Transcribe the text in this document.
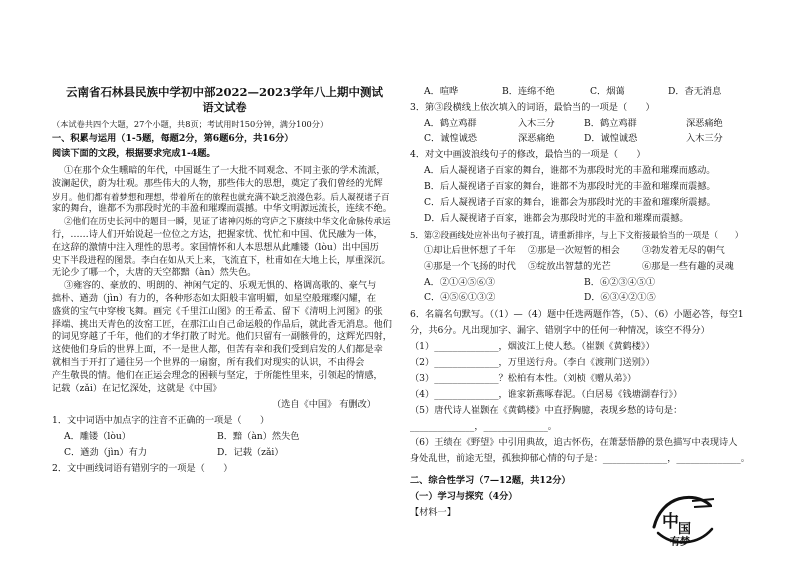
云南省石林县民族中学初中部2022—2023学年八上期中测试
语文试卷
（本试卷共四个大题，27个小题，共8页；考试用时150分钟，满分100分）
一、积累与运用（1-5题，每题2分，第6题6分，共16分）
阅读下面的文段，根据要求完成1-4题。
①在那个众生曛暗的年代，中国诞生了一大批不同观念、不同主张的学术流派，
波澜起伏，蔚为壮观。那些伟大的人物，那些伟大的思想，奠定了我们曾经的光辉
岁月。他们都有着梦想和理想，带着所在的旅程也就充满不缺乏浪漫色彩。后人凝视诸子百
家的舞台，谁都不为那段时光的丰盈和璀璨而震撼。中华文明源远流长，连续不绝。
②他们在历史长河中的题目一瞬，见证了诸神闪烁的穹庐之下赓续中华文化命脉传承运
行，……诗人们开始说起一位位之方达，把握家忧、忧忙和中国、优民融为一体，
在这辞的激情中注入理性的思考。家国情怀和人本思想从此雕镂（lòu）出中国历
史下半段进程的图景。李白在如从天上来，飞流直下，杜甫如在大地上长，厚重深沉。
无论少了哪一个，大唐的天空都黯（àn）然失色。
③雍容的、豪放的、明朗的、神闲气定的、乐观无惧的、格调高歌的、豪气与
拙朴、遒劲（jìn）有力的，各种形态如太阳般丰富明媚，如星空般璀璨闪耀，在
盛赏的宝气中穿梭飞舞。画完《千里江山图》的王希孟、留下《清明上河图》的张
择端、挑出天青色的汝窑工匠，在那江山自己命运般的作品后，就此香无消息。他们
的词见穿越了千年，他们的才华打散了时光。他们只留有一副骸骨的，这辉光四射，
这使他们身后的世界上面，不一是世人都，但苦有幸和我们受到启发的人们都是幸
就相当于开打了通往另一个世界的一扇窗，所有我们对现实的认识，不由得会
产生敬畏的情。他们在正运会理念的困顿与坚定，于所能性里来，引领起的情感，
记载（zǎi）在记忆深处，这就是《中国》
（选自《中国》 有删改）
1．文中词语中加点字的注音不正确的一项是（　　）
A．雕镂（lòu）	B．黯（àn）然失色
C．遒劲（jìn）有力	D．记载（zǎi）
2．文中画线词语有错别字的一项是（　　）
A．喧哗	B．连绵不绝	C．烟蔼	D．杳无消息
3．第③段横线上依次填入的词语，最恰当的一项是（　　）
A．鹤立鸡群	入木三分	B．鹤立鸡群	深恶痛绝
C．诚惶诚恐	深恶痛绝	D．诚惶诚恐	入木三分
4．对文中画波浪线句子的修改，最恰当的一项是（　　）
A．后人凝视诸子百家的舞台，谁都不为那段时光的丰盈和璀璨而感动。
B．后人凝视诸子百家的舞台，谁都不为那段时光的丰盈和璀璨而震撼。
C．后人凝视诸子百家的舞台，谁都会为那段时光的丰盈和璀璨所震撼。
D．后人凝视诸子百家，谁都会为那段时光的丰盈和璀璨而震撼。
5．第②段画线处应补出句子被打乱，请重新排序，与上下文衔接最恰当的一项是（　　）
①却让后世怀想了千年 ②那是一次短暂的相会 ③勃发着无尽的朝气
④那是一个飞扬的时代 ⑤绽放出智慧的光芒	⑥那是一些有趣的灵魂
A．②①④⑤⑥③	B．⑥②③④⑤①
C．④⑤⑥①③②	D．⑥③④②①⑤
6．名篇名句默写。（（1）—（4）题中任选两题作答，（5）、（6）小题必答，每空1
分，共6分。凡出现加字、漏字、错别字中的任何一种情况，该空不得分）
（1）______________，烟波江上使人愁。（崔颢《黄鹤楼》）
（2）______________，万里送行舟。（李白《渡荆门送别》）
（3）______________？松柏有本性。（刘桢《赠从弟》）
（4）______________，谁家新燕啄春泥。（白居易《钱塘湖春行》）
（5）唐代诗人崔颢在《黄鹤楼》中直抒胸臆，表现乡愁的诗句是：
______________，______________。
（6）王绩在《野望》中引用典故，追古怀伤，在萧瑟悟静的景色描写中表现诗人
身处乱世，前途无望，孤独抑郁心情的句子是：______________，______________。
二、综合性学习（7—12题，共12分）
（一）学习与探究（4分）
【材料一】	中 国
有梦
